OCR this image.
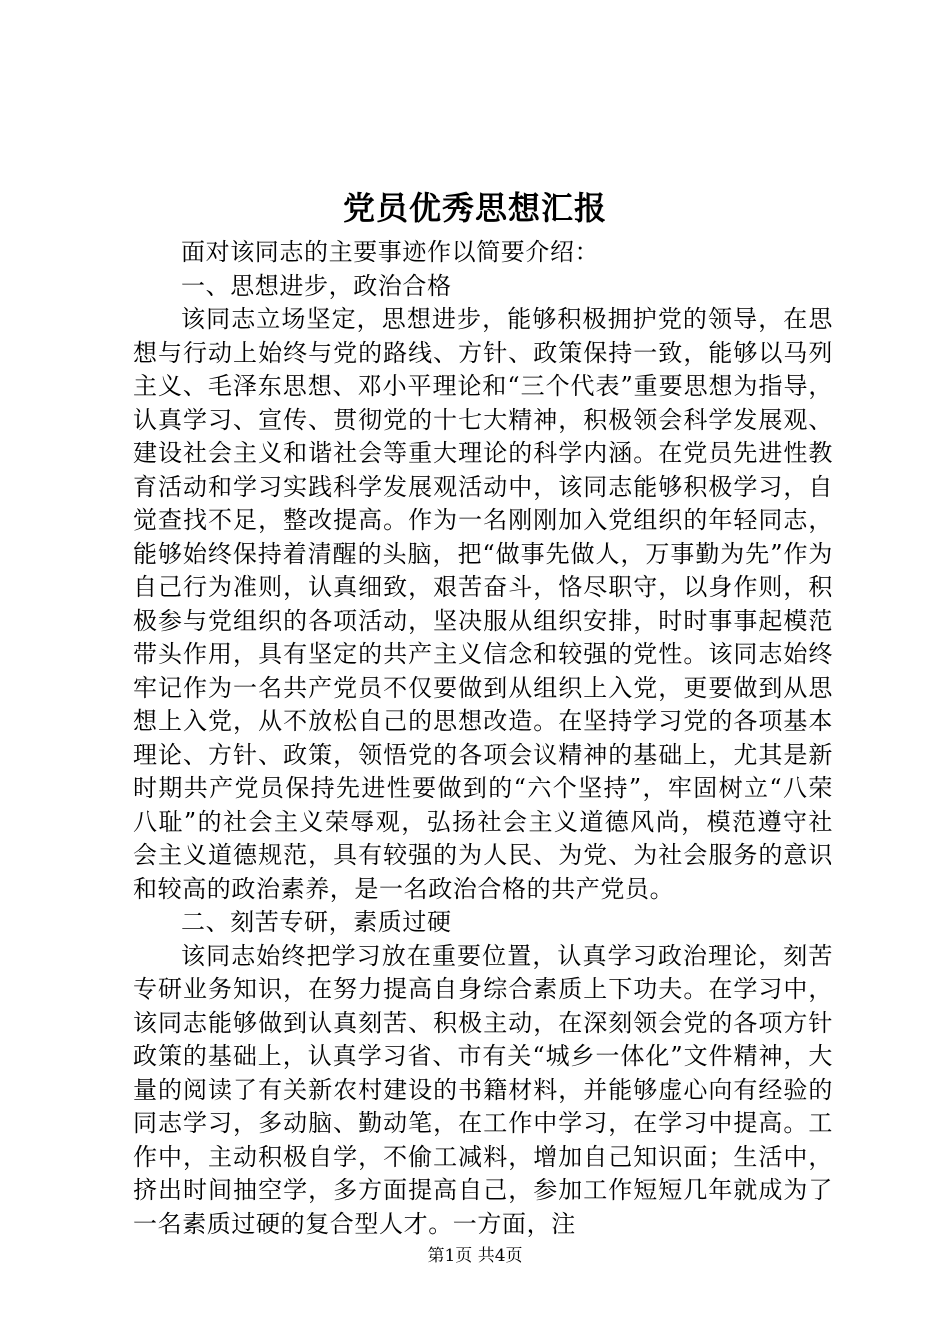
党员优秀思想汇报

面对该同志的主要事迹作以简要介绍：

一、思想进步，政治合格

该同志立场坚定，思想进步，能够积极拥护党的领导，在思想与行动上始终与党的路线、方针、政策保持一致，能够以马列主义、毛泽东思想、邓小平理论和“三个代表”重要思想为指导，认真学习、宣传、贯彻党的十七大精神，积极领会科学发展观、建设社会主义和谐社会等重大理论的科学内涵。在党员先进性教育活动和学习实践科学发展观活动中，该同志能够积极学习，自觉查找不足，整改提高。作为一名刚刚加入党组织的年轻同志，能够始终保持着清醒的头脑，把“做事先做人，万事勤为先”作为自己行为准则，认真细致，艰苦奋斗，恪尽职守，以身作则，积极参与党组织的各项活动，坚决服从组织安排，时时事事起模范带头作用，具有坚定的共产主义信念和较强的党性。该同志始终牢记作为一名共产党员不仅要做到从组织上入党，更要做到从思想上入党，从不放松自己的思想改造。在坚持学习党的各项基本理论、方针、政策，领悟党的各项会议精神的基础上，尤其是新时期共产党员保持先进性要做到的“六个坚持”，牢固树立“八荣八耻”的社会主义荣辱观，弘扬社会主义道德风尚，模范遵守社会主义道德规范，具有较强的为人民、为党、为社会服务的意识和较高的政治素养，是一名政治合格的共产党员。

二、刻苦专研，素质过硬

该同志始终把学习放在重要位置，认真学习政治理论，刻苦专研业务知识，在努力提高自身综合素质上下功夫。在学习中，该同志能够做到认真刻苦、积极主动，在深刻领会党的各项方针政策的基础上，认真学习省、市有关“城乡一体化”文件精神，大量的阅读了有关新农村建设的书籍材料，并能够虚心向有经验的同志学习，多动脑、勤动笔，在工作中学习，在学习中提高。工作中，主动积极自学，不偷工减料，增加自己知识面；生活中，挤出时间抽空学，多方面提高自己，参加工作短短几年就成为了一名素质过硬的复合型人才。一方面，注

第1页 共4页
